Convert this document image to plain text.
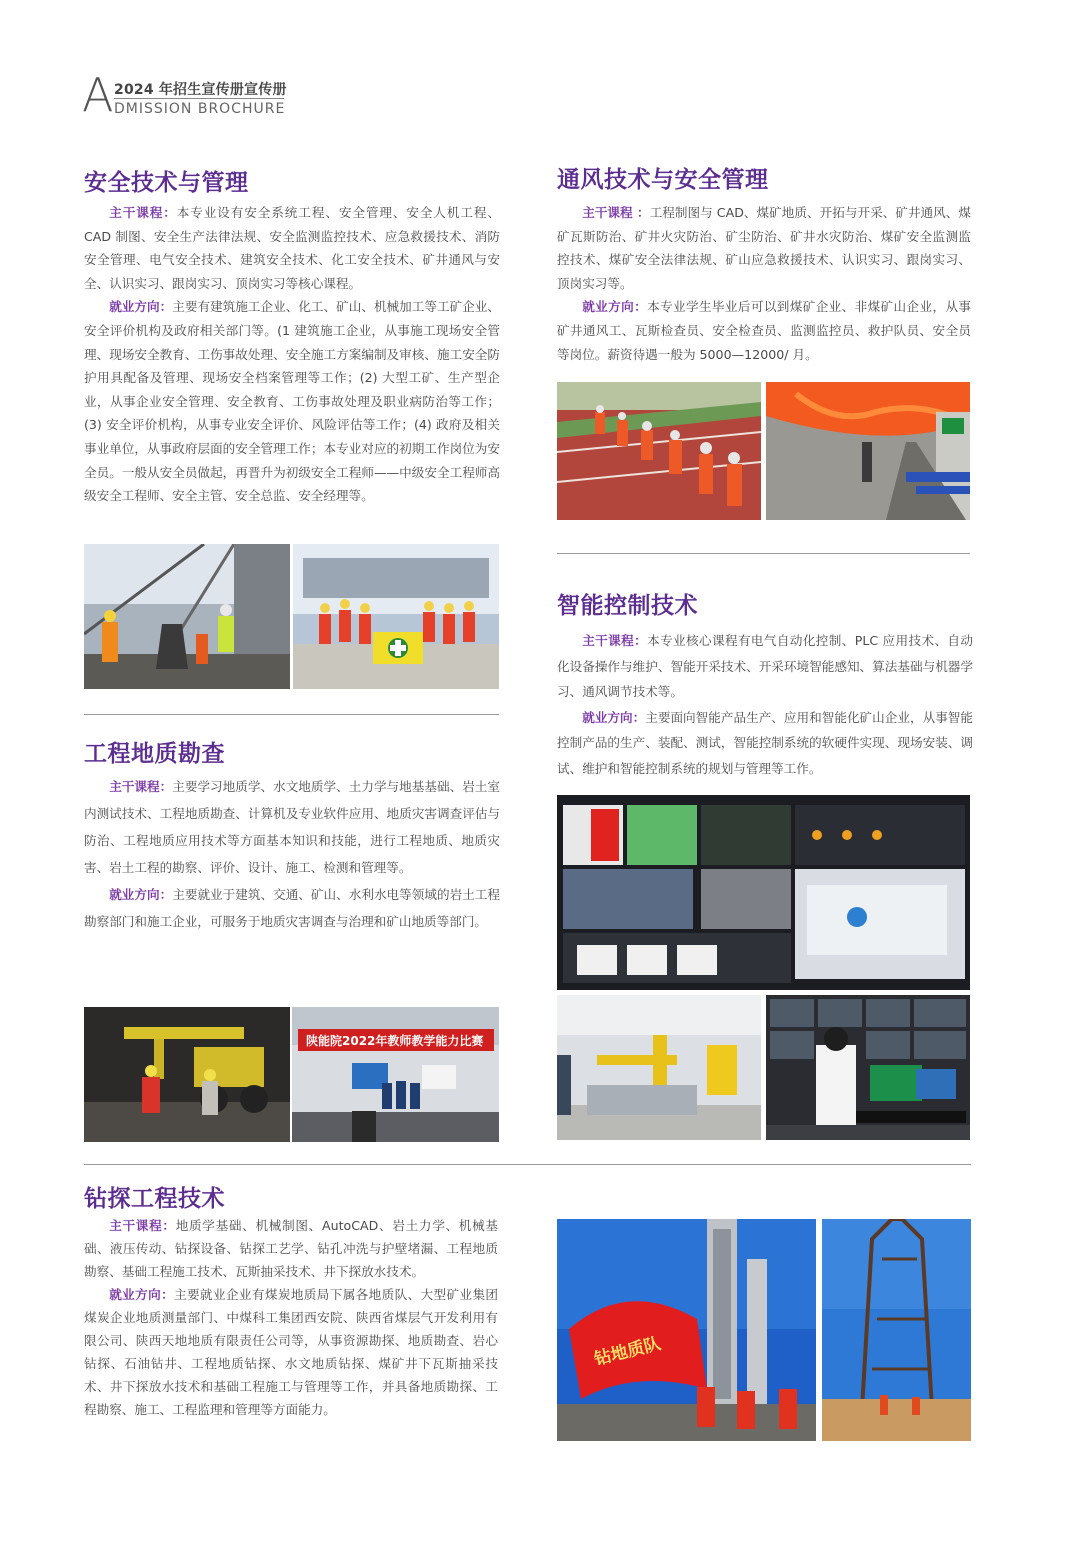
A 2024 年招生宣传册宣传册
DMISSION BROCHURE
安全技术与管理

主干课程：本专业设有安全系统工程、安全管理、安全人机工程、CAD 制图、安全生产法律法规、安全监测监控技术、应急救援技术、消防安全管理、电气安全技术、建筑安全技术、化工安全技术、矿井通风与安全、认识实习、跟岗实习、顶岗实习等核心课程。

就业方向：主要有建筑施工企业、化工、矿山、机械加工等工矿企业、安全评价机构及政府相关部门等。(1 建筑施工企业，从事施工现场安全管理、现场安全教育、工伤事故处理、安全施工方案编制及审核、施工安全防护用具配备及管理、现场安全档案管理等工作；(2) 大型工矿、生产型企业，从事企业安全管理、安全教育、工伤事故处理及职业病防治等工作；(3) 安全评价机构，从事专业安全评价、风险评估等工作；(4) 政府及相关事业单位，从事政府层面的安全管理工作；本专业对应的初期工作岗位为安全员。一般从安全员做起，再晋升为初级安全工程师——中级安全工程师高级安全工程师、安全主管、安全总监、安全经理等。

工程地质勘查

主干课程：主要学习地质学、水文地质学、土力学与地基基础、岩土室内测试技术、工程地质勘查、计算机及专业软件应用、地质灾害调查评估与防治、工程地质应用技术等方面基本知识和技能，进行工程地质、地质灾害、岩土工程的勘察、评价、设计、施工、检测和管理等。

就业方向：主要就业于建筑、交通、矿山、水利水电等领域的岩土工程勘察部门和施工企业，可服务于地质灾害调查与治理和矿山地质等部门。

陕能院2022年教师教学能力比赛
通风技术与安全管理

主干课程 ：工程制图与 CAD、煤矿地质、开拓与开采、矿井通风、煤矿瓦斯防治、矿井火灾防治、矿尘防治、矿井水灾防治、煤矿安全监测监控技术、煤矿安全法律法规、矿山应急救援技术、认识实习、跟岗实习、顶岗实习等。

就业方向：本专业学生毕业后可以到煤矿企业、非煤矿山企业，从事矿井通风工、瓦斯检查员、安全检查员、监测监控员、救护队员、安全员等岗位。薪资待遇一般为 5000—12000/ 月。

智能控制技术

主干课程：本专业核心课程有电气自动化控制、PLC 应用技术、自动化设备操作与维护、智能开采技术、开采环境智能感知、算法基础与机器学习、通风调节技术等。

就业方向：主要面向智能产品生产、应用和智能化矿山企业，从事智能控制产品的生产、装配、测试，智能控制系统的软硬件实现、现场安装、调试、维护和智能控制系统的规划与管理等工作。

钻探工程技术

主干课程：地质学基础、机械制图、AutoCAD、岩土力学、机械基础、液压传动、钻探设备、钻探工艺学、钻孔冲洗与护壁堵漏、工程地质勘察、基础工程施工技术、瓦斯抽采技术、井下探放水技术。

就业方向：主要就业企业有煤炭地质局下属各地质队、大型矿业集团煤炭企业地质测量部门、中煤科工集团西安院、陕西省煤层气开发利用有限公司、陕西天地地质有限责任公司等，从事资源勘探、地质勘查、岩心钻探、石油钻井、工程地质钻探、水文地质钻探、煤矿井下瓦斯抽采技术、井下探放水技术和基础工程施工与管理等工作，并具备地质勘探、工程勘察、施工、工程监理和管理等方面能力。

钻地质队
